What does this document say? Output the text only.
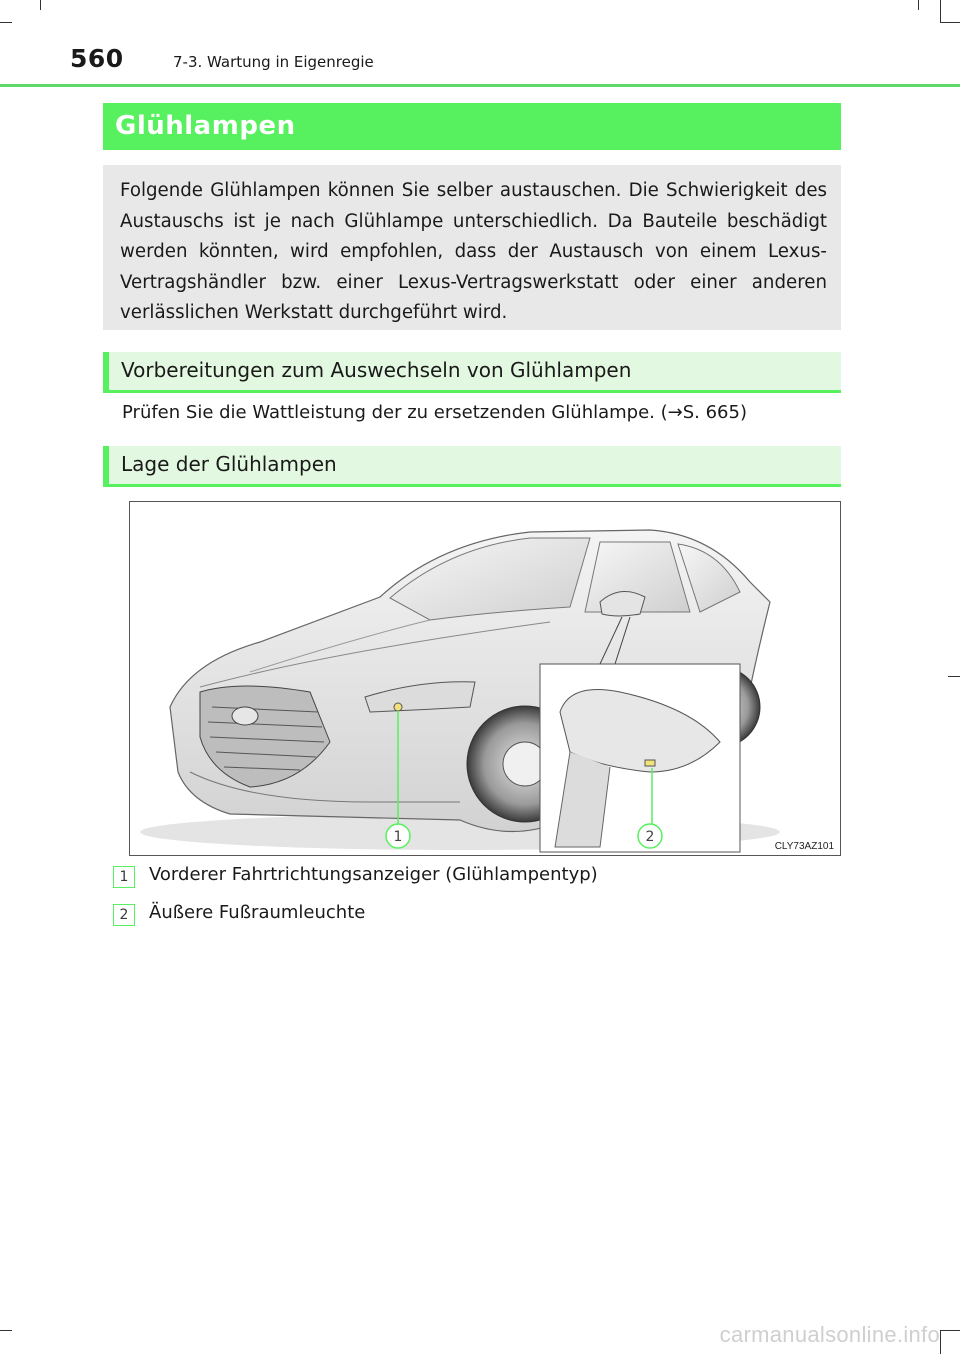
560	7-3. Wartung in Eigenregie
Glühlampen

Folgende Glühlampen können Sie selber austauschen. Die Schwierigkeit des Austauschs ist je nach Glühlampe unterschiedlich. Da Bauteile beschädigt werden könnten, wird empfohlen, dass der Austausch von einem Lexus-Vertragshändler bzw. einer Lexus-Vertragswerkstatt oder einer anderen verlässlichen Werkstatt durchgeführt wird.

Vorbereitungen zum Auswechseln von Glühlampen
Prüfen Sie die Wattleistung der zu ersetzenden Glühlampe. (→S. 665)
Lage der Glühlampen
1	2
CLY73AZ101
1	Vorderer Fahrtrichtungsanzeiger (Glühlampentyp)
2	Äußere Fußraumleuchte
carmanualsonline.info
